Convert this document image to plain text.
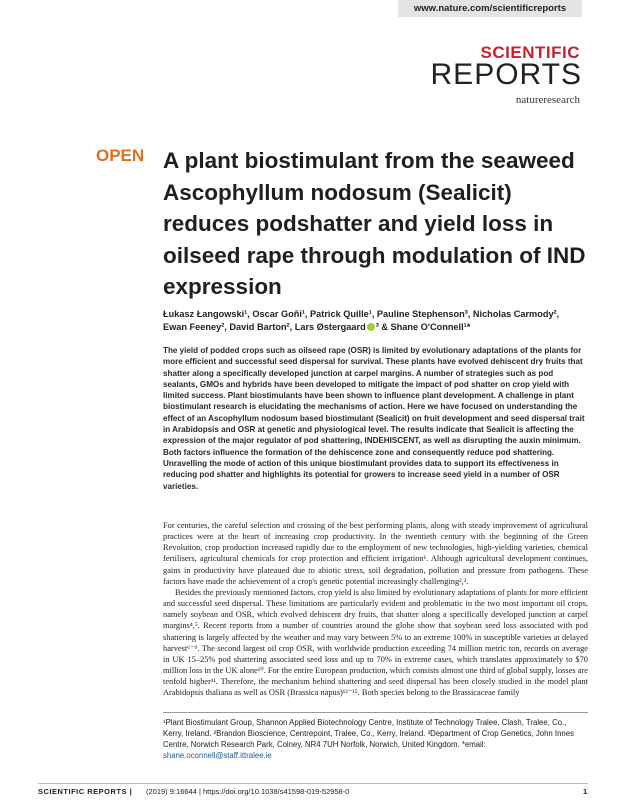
www.nature.com/scientificreports
SCIENTIFIC
REPORTS
natureresearch
OPEN A plant biostimulant from the seaweed Ascophyllum nodosum (Sealicit) reduces podshatter and yield loss in oilseed rape through modulation of IND expression
Łukasz Łangowski¹, Oscar Goñi¹, Patrick Quille¹, Pauline Stephenson³, Nicholas Carmody²,
Ewan Feeney², David Barton², Lars Østergaard ³ & Shane O'Connell¹*

The yield of podded crops such as oilseed rape (OSR) is limited by evolutionary adaptations of the plants for more efficient and successful seed dispersal for survival. These plants have evolved dehiscent dry fruits that shatter along a specifically developed junction at carpel margins. A number of strategies such as pod sealants, GMOs and hybrids have been developed to mitigate the impact of pod shatter on crop yield with limited success. Plant biostimulants have been shown to influence plant development. A challenge in plant biostimulant research is elucidating the mechanisms of action. Here we have focused on understanding the effect of an Ascophyllum nodosum based biostimulant (Sealicit) on fruit development and seed dispersal trait in Arabidopsis and OSR at genetic and physiological level. The results indicate that Sealicit is affecting the expression of the major regulator of pod shattering, INDEHISCENT, as well as disrupting the auxin minimum. Both factors influence the formation of the dehiscence zone and consequently reduce pod shattering. Unravelling the mode of action of this unique biostimulant provides data to support its effectiveness in reducing pod shatter and highlights its potential for growers to increase seed yield in a number of OSR varieties.

For centuries, the careful selection and crossing of the best performing plants, along with steady improvement of agricultural practices were at the heart of increasing crop productivity. In the twentieth century with the beginning of the Green Revolution, crop production increased rapidly due to the employment of new technologies, high-yielding varieties, chemical fertilisers, agricultural chemicals for crop protection and efficient irrigation¹. Although agricultural development continues, gains in productivity have plateaued due to abiotic stress, soil degradation, pollution and pressure from pathogens. These factors have made the achievement of a crop's genetic potential increasingly challenging²,³.

Besides the previously mentioned factors, crop yield is also limited by evolutionary adaptations of plants for more efficient and successful seed dispersal. These limitations are particularly evident and problematic in the two most important oil crops, namely soybean and OSR, which evolved dehiscent dry fruits, that shatter along a specifically developed junction at carpel margins⁴,⁵. Recent reports from a number of countries around the globe show that soybean seed loss associated with pod shattering is largely affected by the weather and may vary between 5% to an extreme 100% in susceptible varieties at delayed harvest⁶⁻⁹. The second largest oil crop OSR, with worldwide production exceeding 74 million metric ton, records on average in UK 15–25% pod shattering associated seed loss and up to 70% in extreme cases, which translates approximately to $70 million loss in the UK alone¹⁰. For the entire European production, which consists almost one third of global supply, losses are tenfold higher¹¹. Therefore, the mechanism behind shattering and seed dispersal has been closely studied in the model plant Arabidopsis thaliana as well as OSR (Brassica napus)¹²⁻¹⁵. Both species belong to the Brassicaceae family

¹Plant Biostimulant Group, Shannon Applied Biotechnology Centre, Institute of Technology Tralee, Clash, Tralee, Co., Kerry, Ireland. ²Brandon Bioscience, Centrepoint, Tralee, Co., Kerry, Ireland. ³Department of Crop Genetics, John Innes Centre, Norwich Research Park, Colney, NR4 7UH Norfolk, Norwich, United Kingdom. *email: shane.oconnell@staff.ittralee.ie

SCIENTIFIC REPORTS | (2019) 9:16644 | https://doi.org/10.1038/s41598-019-52958-0	1
